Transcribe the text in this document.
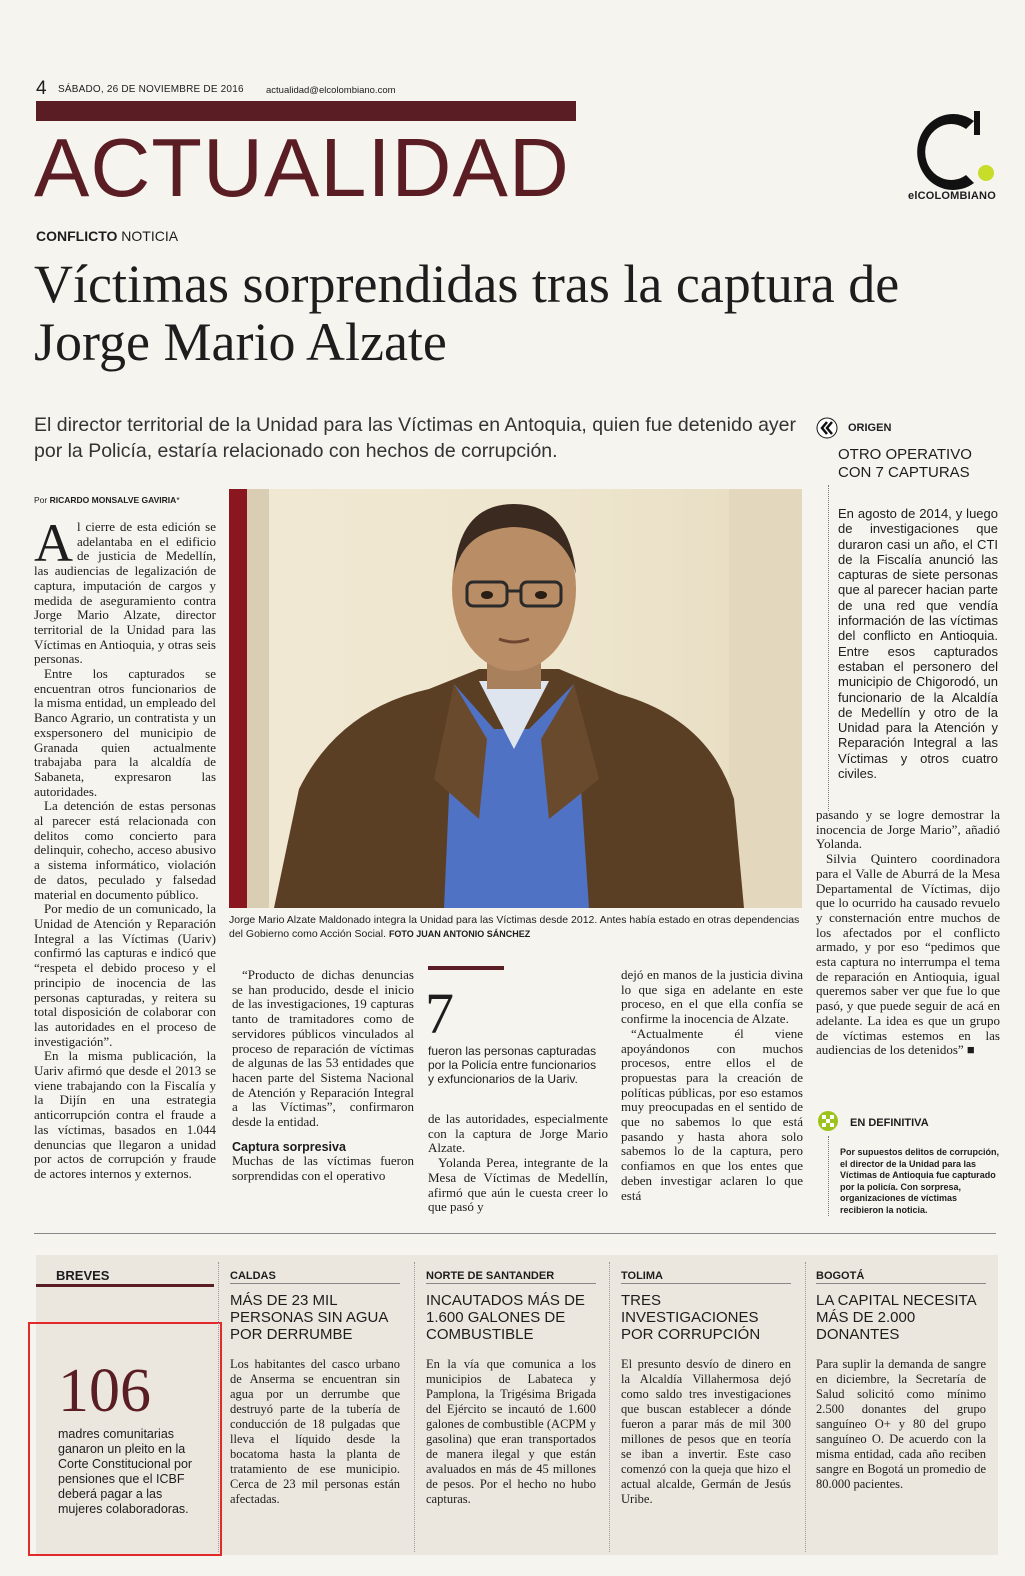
4 SÁBADO, 26 DE NOVIEMBRE DE 2016 actualidad@elcolombiano.com
ACTUALIDAD	elCOLOMBIANO
CONFLICTO NOTICIA
Víctimas sorprendidas tras la captura de Jorge Mario Alzate
El director territorial de la Unidad para las Víctimas en Antoquia, quien fue detenido ayer por la Policía, estaría relacionado con hechos de corrupción.
ORIGEN
OTRO OPERATIVO CON 7 CAPTURAS
En agosto de 2014, y luego de investigaciones que duraron casi un año, el CTI de la Fiscalía anunció las capturas de siete personas que al parecer hacian parte de una red que vendía información de las víctimas del conflicto en Antioquia. Entre esos capturados estaban el personero del municipio de Chigorodó, un funcionario de la Alcaldía de Medellín y otro de la Unidad para la Atención y Reparación Integral a las Víctimas y otros cuatro civiles.
Por RICARDO MONSALVE GAVIRIA*

Al cierre de esta edición se adelantaba en el edificio de justicia de Medellín, las audiencias de legalización de captura, imputación de cargos y medida de aseguramiento contra Jorge Mario Alzate, director territorial de la Unidad para las Víctimas en Antioquia, y otras seis personas.

Entre los capturados se encuentran otros funcionarios de la misma entidad, un empleado del Banco Agrario, un contratista y un exspersonero del municipio de Granada quien actualmente trabajaba para la alcaldía de Sabaneta, expresaron las autoridades.

La detención de estas personas al parecer está relacionada con delitos como concierto para delinquir, cohecho, acceso abusivo a sistema informático, violación de datos, peculado y falsedad material en documento público.

Por medio de un comunicado, la Unidad de Atención y Reparación Integral a las Víctimas (Uariv) confirmó las capturas e indicó que “respeta el debido proceso y el principio de inocencia de las personas capturadas, y reitera su total disposición de colaborar con las autoridades en el proceso de investigación”.

En la misma publicación, la Uariv afirmó que desde el 2013 se viene trabajando con la Fiscalía y la Dijín en una estrategia anticorrupción contra el fraude a las víctimas, basados en 1.044 denuncias que llegaron a unidad por actos de corrupción y fraude de actores internos y externos.

Jorge Mario Alzate Maldonado integra la Unidad para las Víctimas desde 2012. Antes había estado en otras dependencias del Gobierno como Acción Social. FOTO JUAN ANTONIO SÁNCHEZ

“Producto de dichas denuncias se han producido, desde el inicio de las investigaciones, 19 capturas tanto de tramitadores como de servidores públicos vinculados al proceso de reparación de víctimas de algunas de las 53 entidades que hacen parte del Sistema Nacional de Atención y Reparación Integral a las Víctimas”, confirmaron desde la entidad.

Captura sorpresiva

Muchas de las víctimas fueron sorprendidas con el operativo

7
fueron las personas capturadas por la Policía entre funcionarios y exfuncionarios de la Uariv.

de las autoridades, especialmente con la captura de Jorge Mario Alzate.

Yolanda Perea, integrante de la Mesa de Víctimas de Medellín, afirmó que aún le cuesta creer lo que pasó y

dejó en manos de la justicia divina lo que siga en adelante en este proceso, en el que ella confía se confirme la inocencia de Alzate.

“Actualmente él viene apoyándonos con muchos procesos, entre ellos el de propuestas para la creación de políticas públicas, por eso estamos muy preocupadas en el sentido de que no sabemos lo que está pasando y hasta ahora solo sabemos lo de la captura, pero confiamos en que los entes que deben investigar aclaren lo que está

pasando y se logre demostrar la inocencia de Jorge Mario”, añadió Yolanda.

Silvia Quintero coordinadora para el Valle de Aburrá de la Mesa Departamental de Víctimas, dijo que lo ocurrido ha causado revuelo y consternación entre muchos de los afectados por el conflicto armado, y por eso “pedimos que esta captura no interrumpa el tema de reparación en Antioquia, igual queremos saber ver que fue lo que pasó, y que puede seguir de acá en adelante. La idea es que un grupo de víctimas estemos en las audiencias de los detenidos” ■

EN DEFINITIVA
Por supuestos delitos de corrupción, el director de la Unidad para las Víctimas de Antioquia fue capturado por la policía. Con sorpresa, organizaciones de víctimas recibieron la noticia.
BREVES
106
madres comunitarias ganaron un pleito en la Corte Constitucional por pensiones que el ICBF deberá pagar a las mujeres colaboradoras.
CALDAS
MÁS DE 23 MIL PERSONAS SIN AGUA POR DERRUMBE
Los habitantes del casco urbano de Anserma se encuentran sin agua por un derrumbe que destruyó parte de la tubería de conducción de 18 pulgadas que lleva el líquido desde la bocatoma hasta la planta de tratamiento de ese municipio. Cerca de 23 mil personas están afectadas.
NORTE DE SANTANDER
INCAUTADOS MÁS DE 1.600 GALONES DE COMBUSTIBLE
En la vía que comunica a los municipios de Labateca y Pamplona, la Trigésima Brigada del Ejército se incautó de 1.600 galones de combustible (ACPM y gasolina) que eran transportados de manera ilegal y que están avaluados en más de 45 millones de pesos. Por el hecho no hubo capturas.
TOLIMA
TRES INVESTIGACIONES POR CORRUPCIÓN
El presunto desvío de dinero en la Alcaldía Villahermosa dejó como saldo tres investigaciones que buscan establecer a dónde fueron a parar más de mil 300 millones de pesos que en teoría se iban a invertir. Este caso comenzó con la queja que hizo el actual alcalde, Germán de Jesús Uribe.
BOGOTÁ
LA CAPITAL NECESITA MÁS DE 2.000 DONANTES
Para suplir la demanda de sangre en diciembre, la Secretaría de Salud solicitó como mínimo 2.500 donantes del grupo sanguíneo O+ y 80 del grupo sanguíneo O. De acuerdo con la misma entidad, cada año reciben sangre en Bogotá un promedio de 80.000 pacientes.
